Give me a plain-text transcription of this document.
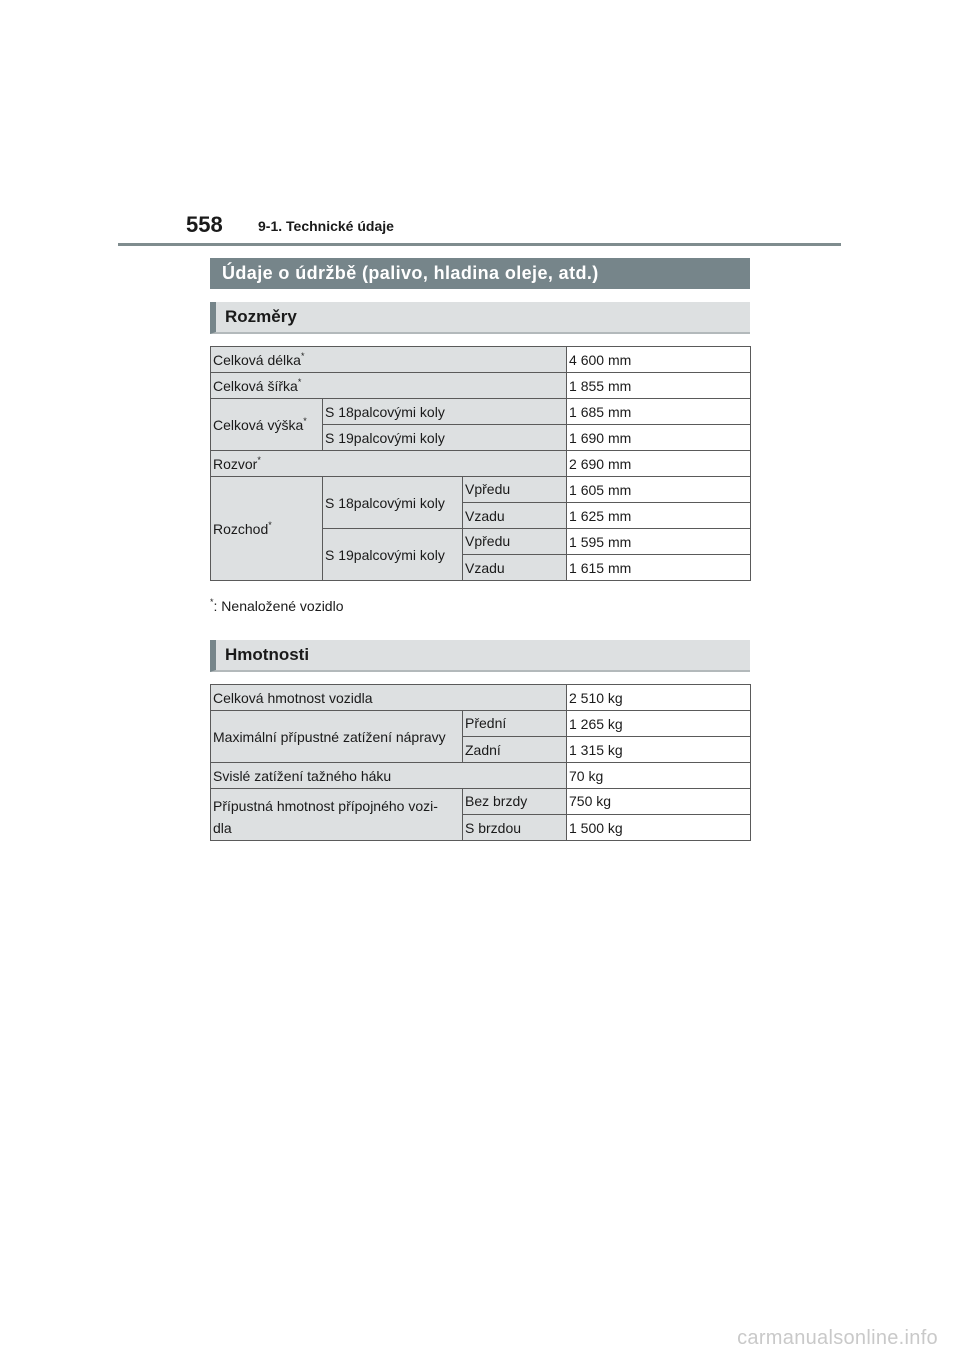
558	9-1. Technické údaje
Údaje o údržbě (palivo, hladina oleje, atd.)
Rozměry
Celková délka*			4 600 mm
Celková šířka*			1 855 mm
Celková výška*	S 18palcovými koly		1 685 mm
	S 19palcovými koly		1 690 mm
Rozvor*			2 690 mm
Rozchod*	S 18palcovými koly	Vpředu	1 605 mm
		Vzadu	1 625 mm
	S 19palcovými koly	Vpředu	1 595 mm
		Vzadu	1 615 mm
*: Nenaložené vozidlo
Hmotnosti
Celková hmotnost vozidla		2 510 kg
Maximální přípustné zatížení nápravy	Přední	1 265 kg
	Zadní	1 315 kg
Svislé zatížení tažného háku		70 kg
Přípustná hmotnost přípojného vozi-
dla	Bez brzdy	750 kg
	S brzdou	1 500 kg
carmanualsonline.info
